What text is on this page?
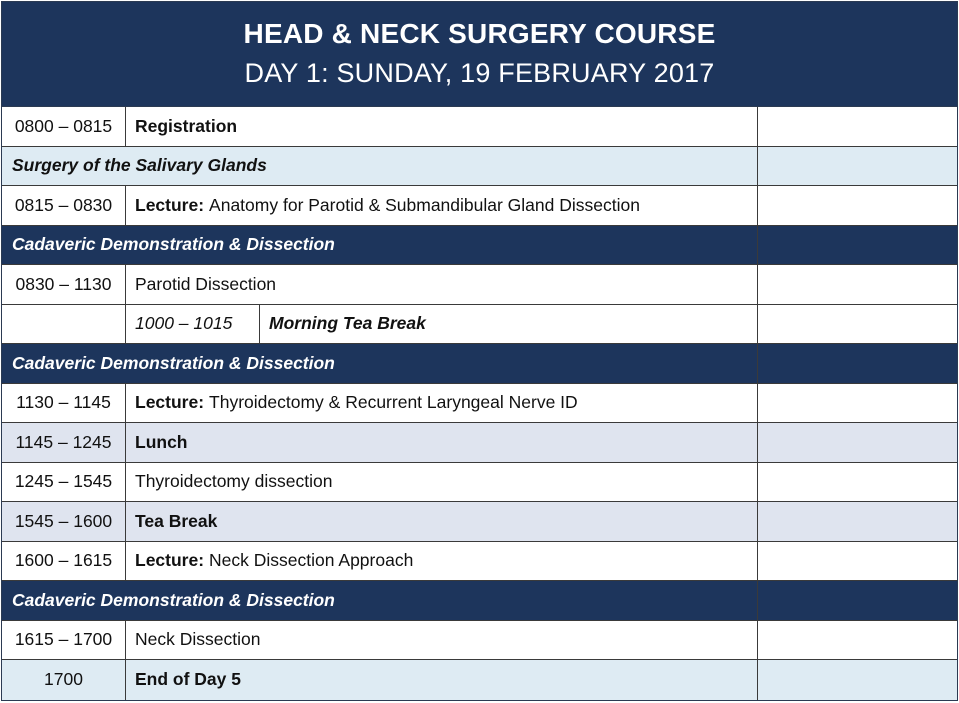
HEAD & NECK SURGERY COURSE
DAY 1: SUNDAY, 19 FEBRUARY 2017
0800 – 0815	Registration
Surgery of the Salivary Glands
0815 – 0830	Lecture: Anatomy for Parotid & Submandibular Gland Dissection
Cadaveric Demonstration & Dissection
0830 – 1130	Parotid Dissection
1000 – 1015	Morning Tea Break
Cadaveric Demonstration & Dissection
1130 – 1145	Lecture: Thyroidectomy & Recurrent Laryngeal Nerve ID
1145 – 1245	Lunch
1245 – 1545	Thyroidectomy dissection
1545 – 1600	Tea Break
1600 – 1615	Lecture: Neck Dissection Approach
Cadaveric Demonstration & Dissection
1615 – 1700	Neck Dissection
1700	End of Day 5
